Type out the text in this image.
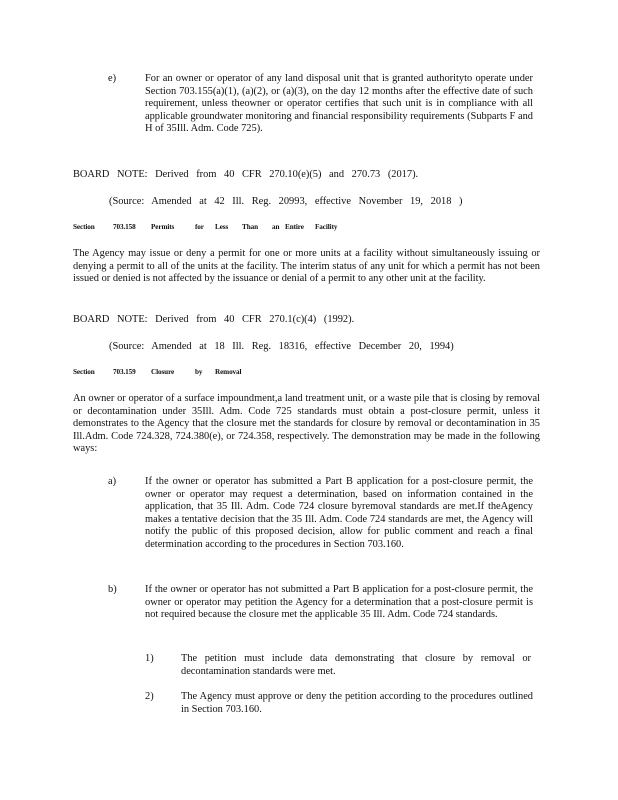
e)	For an owner or operator of any land disposal unit that is granted authorityto operate under Section 703.155(a)(1), (a)(2), or (a)(3), on the day 12 months after the effective date of such requirement, unless theowner or operator certifies that such unit is in compliance with all applicable groundwater monitoring and financial responsibility requirements (Subparts F and H of 35Ill. Adm. Code 725).
BOARD NOTE: Derived from 40 CFR 270.10(e)(5) and 270.73 (2017).
(Source: Amended at 42 Ill. Reg. 20993, effective November 19, 2018 )
Section	703.158 Permits	for Less Than an Entire Facility
The Agency may issue or deny a permit for one or more units at a facility without simultaneously issuing or denying a permit to all of the units at the facility. The interim status of any unit for which a permit has not been issued or denied is not affected by the issuance or denial of a permit to any other unit at the facility.
BOARD NOTE: Derived from 40 CFR 270.1(c)(4) (1992).
(Source: Amended at 18 Ill. Reg. 18316, effective December 20, 1994)
Section	703.159 Closure	by Removal
An owner or operator of a surface impoundment,a land treatment unit, or a waste pile that is closing by removal or decontamination under 35Ill. Adm. Code 725 standards must obtain a post-closure permit, unless it demonstrates to the Agency that the closure met the standards for closure by removal or decontamination in 35 Ill.Adm. Code 724.328, 724.380(e), or 724.358, respectively. The demonstration may be made in the following ways:
a)	If the owner or operator has submitted a Part B application for a post-closure permit, the owner or operator may request a determination, based on information contained in the application, that 35 Ill. Adm. Code 724 closure byremoval standards are met.If theAgency makes a tentative decision that the 35 Ill. Adm. Code 724 standards are met, the Agency will notify the public of this proposed decision, allow for public comment and reach a final determination according to the procedures in Section 703.160.
b)	If the owner or operator has not submitted a Part B application for a post-closure permit, the owner or operator may petition the Agency for a determination that a post-closure permit is not required because the closure met the applicable 35 Ill. Adm. Code 724 standards.
1)	The petition must include data demonstrating that closure by removal or decontamination standards were met.
2)	The Agency must approve or deny the petition according to the procedures outlined in Section 703.160.
